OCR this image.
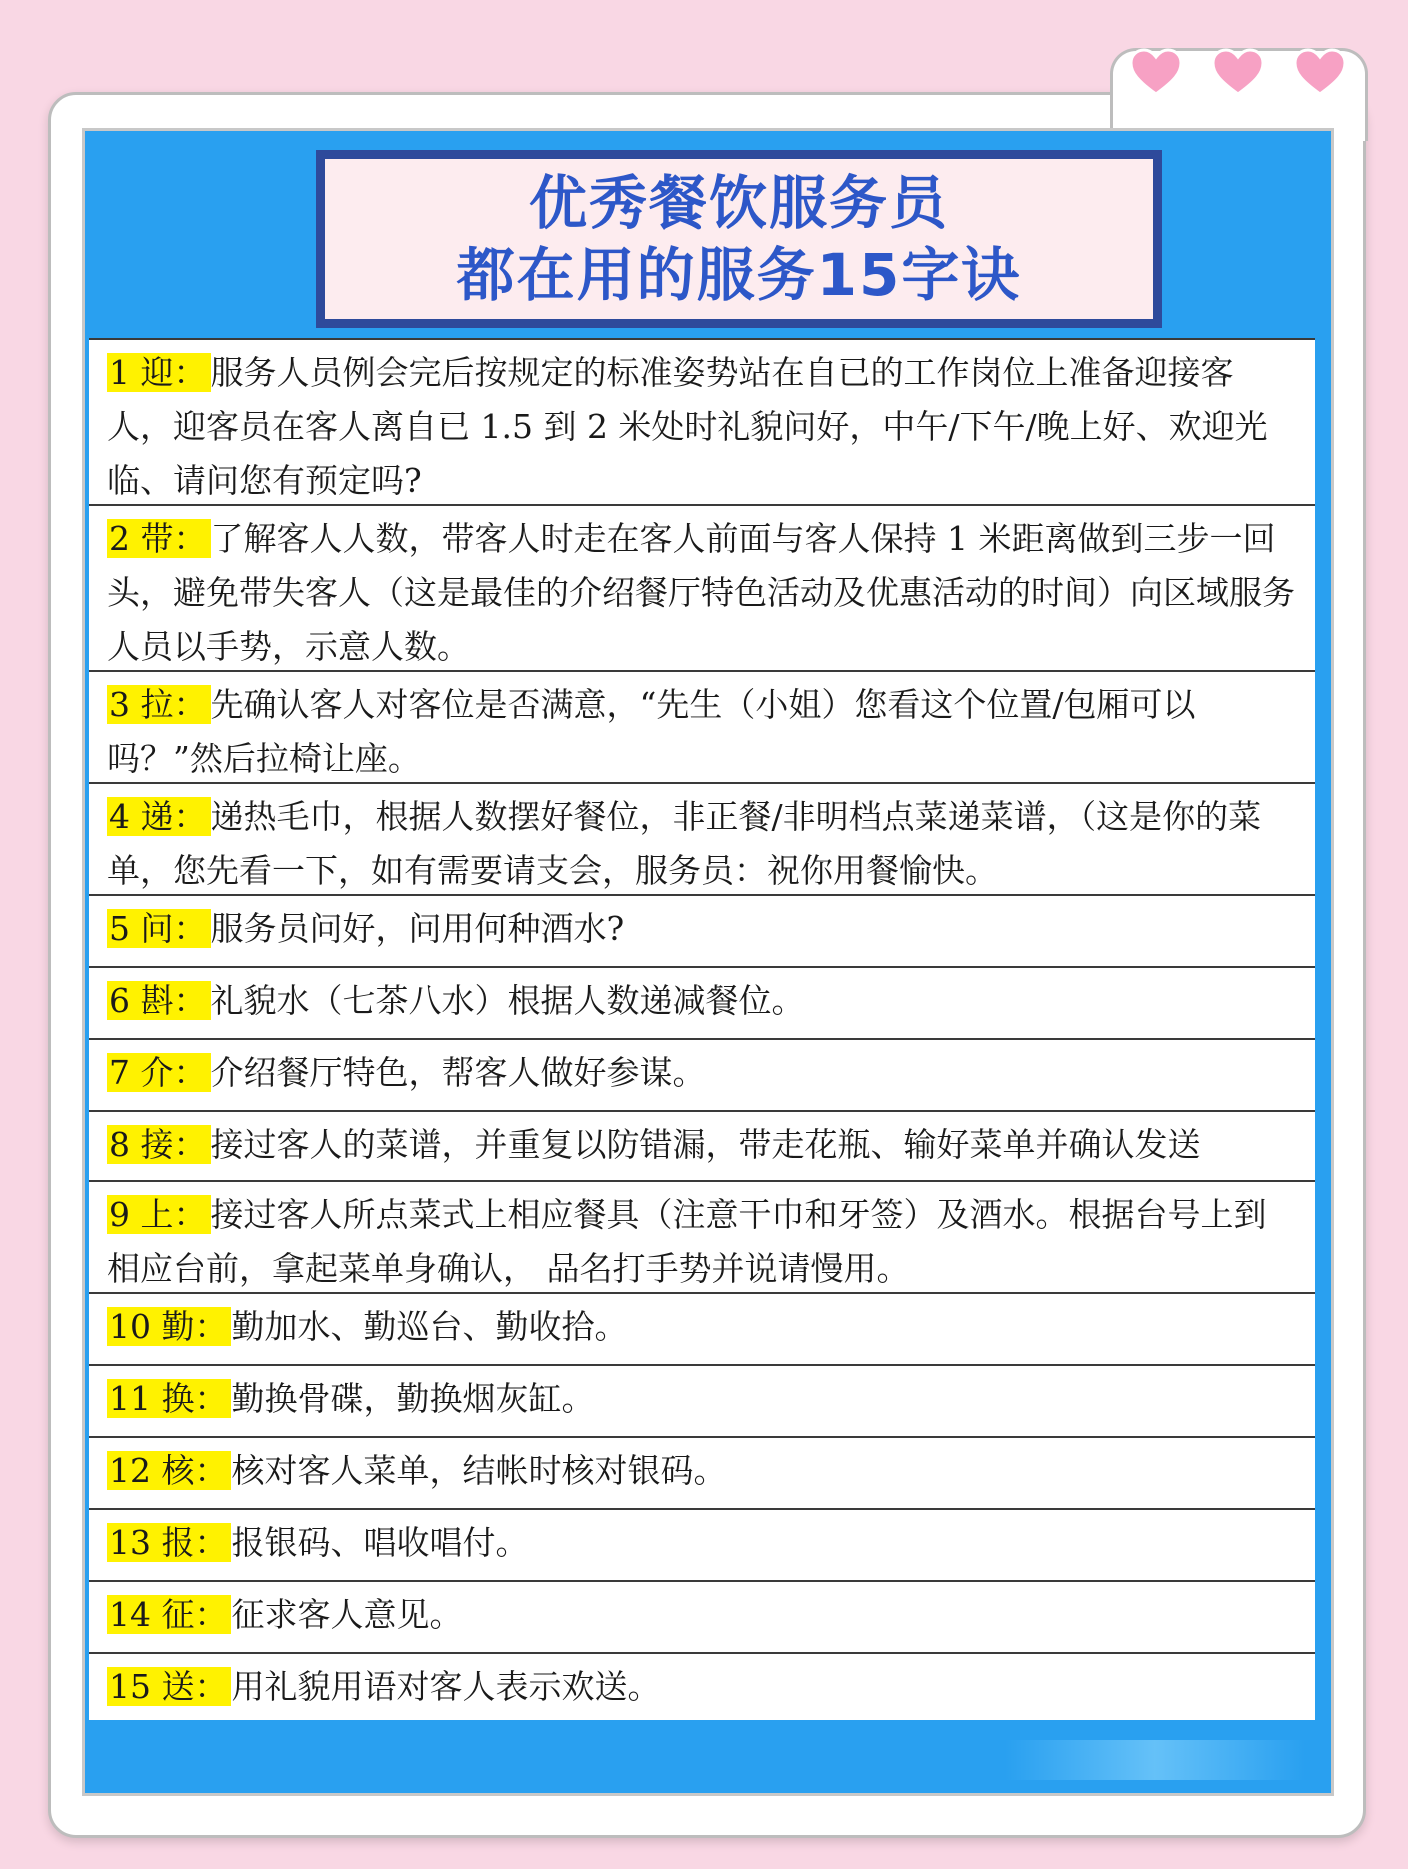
优秀餐饮服务员
都在用的服务15字诀
1 迎： 服务人员例会完后按规定的标准姿势站在自已的工作岗位上准备迎接客人，迎客员在客人离自已 1.5 到 2 米处时礼貌问好，中午/下午/晚上好、欢迎光临、请问您有预定吗?
2 带： 了解客人人数，带客人时走在客人前面与客人保持 1 米距离做到三步一回头，避免带失客人（这是最佳的介绍餐厅特色活动及优惠活动的时间）向区域服务人员以手势，示意人数。
3 拉： 先确认客人对客位是否满意，“先生（小姐）您看这个位置/包厢可以吗？”然后拉椅让座。
4 递： 递热毛巾，根据人数摆好餐位，非正餐/非明档点菜递菜谱，（这是你的菜单，您先看一下，如有需要请支会，服务员：祝你用餐愉快。
5 问： 服务员问好，问用何种酒水?
6 斟： 礼貌水（七茶八水）根据人数递减餐位。
7 介： 介绍餐厅特色，帮客人做好参谋。
8 接： 接过客人的菜谱，并重复以防错漏，带走花瓶、输好菜单并确认发送
9 上： 接过客人所点菜式上相应餐具（注意干巾和牙签）及酒水。根据台号上到相应台前，拿起菜单身确认， 品名打手势并说请慢用。
10 勤： 勤加水、勤巡台、勤收拾。
11 换： 勤换骨碟，勤换烟灰缸。
12 核： 核对客人菜单，结帐时核对银码。
13 报： 报银码、唱收唱付。
14 征： 征求客人意见。
15 送： 用礼貌用语对客人表示欢送。
